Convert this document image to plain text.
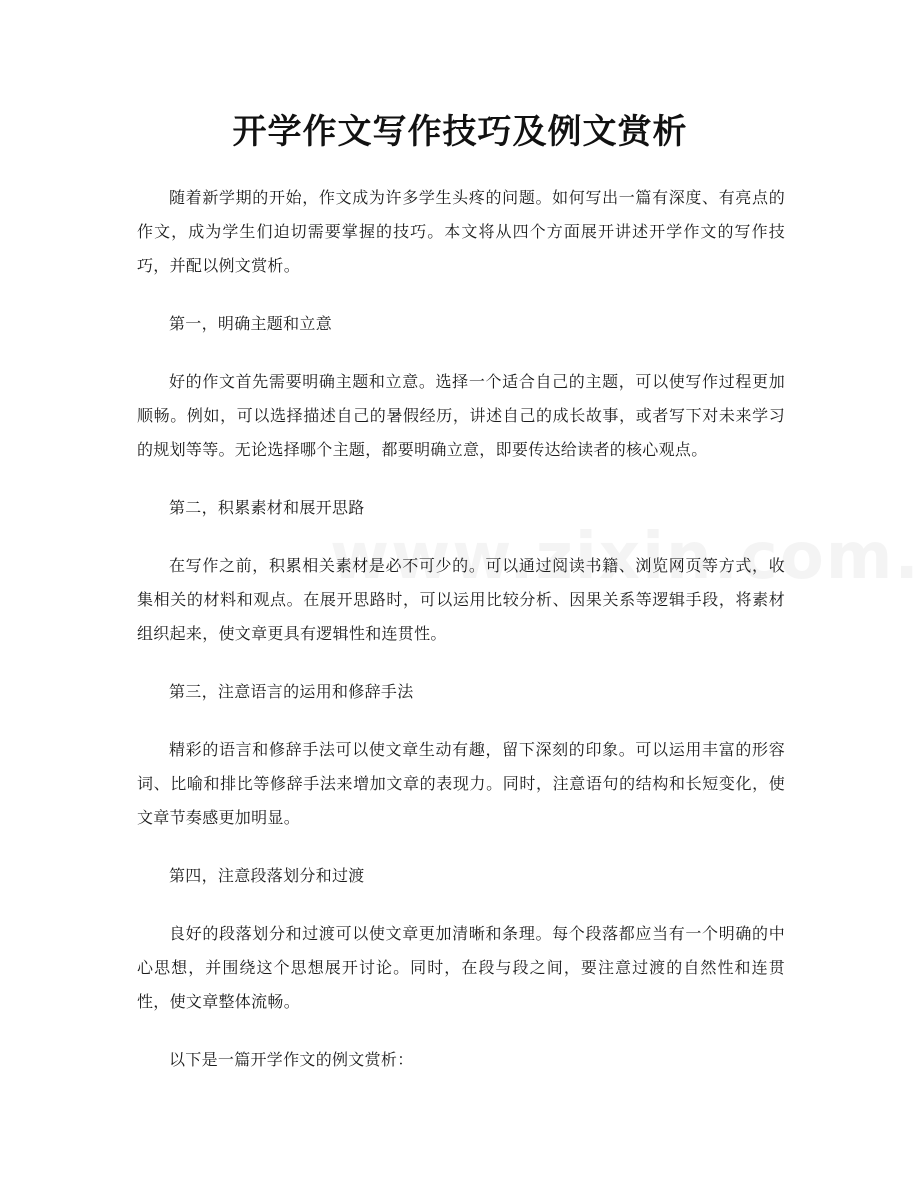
开学作文写作技巧及例文赏析

随着新学期的开始，作文成为许多学生头疼的问题。如何写出一篇有深度、有亮点的作文，成为学生们迫切需要掌握的技巧。本文将从四个方面展开讲述开学作文的写作技巧，并配以例文赏析。

第一，明确主题和立意

好的作文首先需要明确主题和立意。选择一个适合自己的主题，可以使写作过程更加顺畅。例如，可以选择描述自己的暑假经历，讲述自己的成长故事，或者写下对未来学习的规划等等。无论选择哪个主题，都要明确立意，即要传达给读者的核心观点。

第二，积累素材和展开思路

在写作之前，积累相关素材是必不可少的。可以通过阅读书籍、浏览网页等方式，收集相关的材料和观点。在展开思路时，可以运用比较分析、因果关系等逻辑手段，将素材组织起来，使文章更具有逻辑性和连贯性。

第三，注意语言的运用和修辞手法

精彩的语言和修辞手法可以使文章生动有趣，留下深刻的印象。可以运用丰富的形容词、比喻和排比等修辞手法来增加文章的表现力。同时，注意语句的结构和长短变化，使文章节奏感更加明显。

第四，注意段落划分和过渡

良好的段落划分和过渡可以使文章更加清晰和条理。每个段落都应当有一个明确的中心思想，并围绕这个思想展开讨论。同时，在段与段之间，要注意过渡的自然性和连贯性，使文章整体流畅。

以下是一篇开学作文的例文赏析：
